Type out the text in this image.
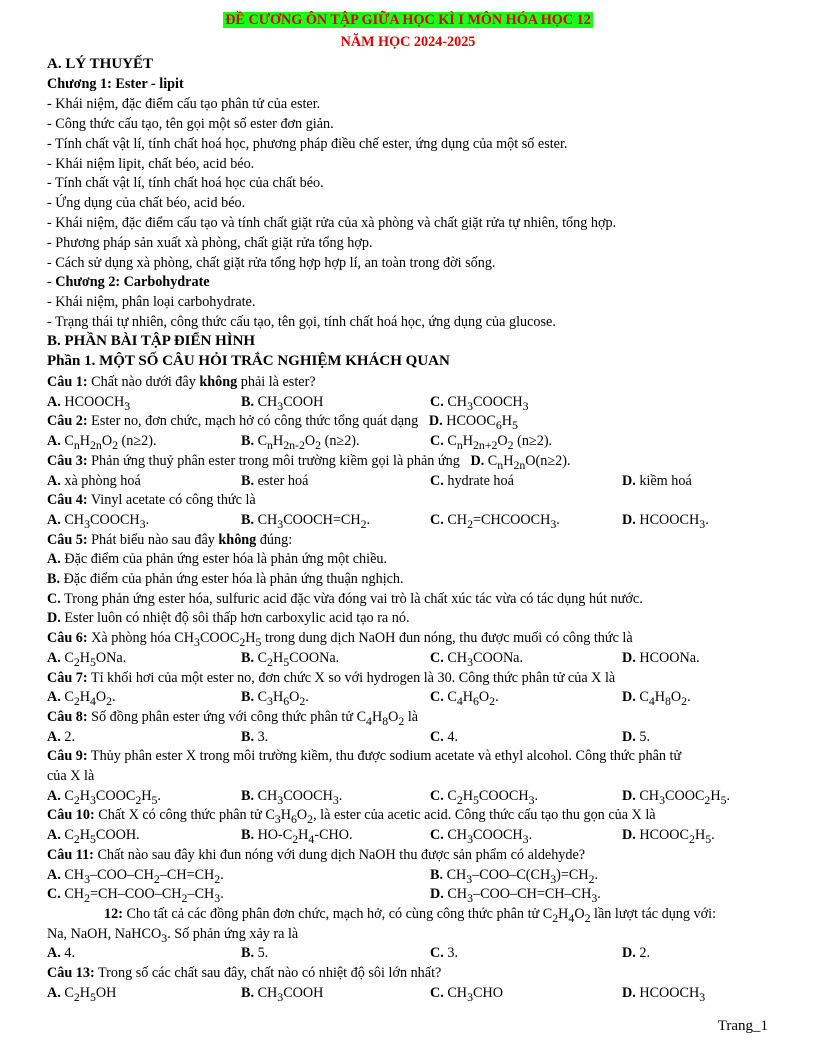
ĐỀ CƯƠNG ÔN TẬP GIỮA HỌC KÌ I MÔN HÓA HỌC 12
NĂM HỌC 2024-2025
A. LÝ THUYẾT
Chương 1: Ester - lipit
- Khái niệm, đặc điểm cấu tạo phân tử của ester.
- Công thức cấu tạo, tên gọi một số ester đơn giản.
- Tính chất vật lí, tính chất hoá học, phương pháp điều chế ester, ứng dụng của một số ester.
- Khái niệm lipit, chất béo, acid béo.
- Tính chất vật lí, tính chất hoá học của chất béo.
- Ứng dụng của chất béo, acid béo.
- Khái niệm, đặc điểm cấu tạo và tính chất giặt rửa của xà phòng và chất giặt rửa tự nhiên, tổng hợp.
- Phương pháp sản xuất xà phòng, chất giặt rửa tổng hợp.
- Cách sử dụng xà phòng, chất giặt rửa tổng hợp hợp lí, an toàn trong đời sống.
- Chương 2: Carbohydrate
- Khái niệm, phân loại carbohydrate.
- Trạng thái tự nhiên, công thức cấu tạo, tên gọi, tính chất hoá học, ứng dụng của glucose.
B. PHẦN BÀI TẬP ĐIỂN HÌNH
Phần 1. MỘT SỐ CÂU HỎI TRẮC NGHIỆM KHÁCH QUAN
Câu 1: Chất nào dưới đây không phải là ester?
A. $HCOOCH_3$	B. $CH_3COOH$	C. $CH_3COOCH_3$
Câu 2: Ester no, đơn chức, mạch hở có công thức tổng quát dạng   D. $HCOOC_6H_5$
A. $C_nH_{2n}O_2$ (n≥2).	B. $C_nH_{2n-2}O_2$ (n≥2).	C. $C_nH_{2n+2}O_2$ (n≥2).
Câu 3: Phản ứng thuỷ phân ester trong môi trường kiềm gọi là phản ứng   D. $C_nH_{2n}O(n\ge 2)$.
A. xà phòng hoá	B. ester hoá	C. hydrate hoá	D. kiềm hoá
Câu 4: Vinyl acetate có công thức là
A. $CH_3COOCH_3$.	B. $CH_3COOCH=CH_2$.	C. $CH_2=CHCOOCH_3$.	D. $HCOOCH_3$.
Câu 5: Phát biểu nào sau đây không đúng:
A. Đặc điểm của phản ứng ester hóa là phản ứng một chiều.
B. Đặc điểm của phản ứng ester hóa là phản ứng thuận nghịch.
C. Trong phản ứng ester hóa, sulfuric acid đặc vừa đóng vai trò là chất xúc tác vừa có tác dụng hút nước.
D. Ester luôn có nhiệt độ sôi thấp hơn carboxylic acid tạo ra nó.
Câu 6: Xà phòng hóa $CH_3COOC_2H_5$ trong dung dịch NaOH đun nóng, thu được muối có công thức là
A. $C_2H_5ONa$.	B. $C_2H_5COONa$.	C. $CH_3COONa$.	D. HCOONa.
Câu 7: Tỉ khối hơi của một ester no, đơn chức X so với hydrogen là 30. Công thức phân tử của X là
A. $C_2H_4O_2$.	B. $C_3H_6O_2$.	C. $C_4H_6O_2$.	D. $C_4H_8O_2$.
Câu 8: Số đồng phân ester ứng với công thức phân tử $C_4H_8O_2$ là
A. 2.	B. 3.	C. 4.	D. 5.
Câu 9: Thủy phân ester X trong môi trường kiềm, thu được sodium acetate và ethyl alcohol. Công thức phân tử
của X là
A. $C_2H_3COOC_2H_5$.	B. $CH_3COOCH_3$.	C. $C_2H_5COOCH_3$.	D. $CH_3COOC_2H_5$.
Câu 10: Chất X có công thức phân tử $C_3H_6O_2$, là ester của acetic acid. Công thức cấu tạo thu gọn của X là
A. $C_2H_5COOH$.	B. $HO-C_2H_4$-CHO.	C. $CH_3COOCH_3$.	D. $HCOOC_2H_5$.
Câu 11: Chất nào sau đây khi đun nóng với dung dịch NaOH thu được sản phẩm có aldehyde?
A. $CH_3-COO-CH_2-CH=CH_2$.	B. $CH_3-COO-C(CH_3)=CH_2$.
C. $CH_2=CH-COO-CH_2-CH_3$.	D. $CH_3-COO-CH=CH-CH_3$.
12: Cho tất cả các đồng phân đơn chức, mạch hở, có cùng công thức phân tử $C_2H_4O_2$ lần lượt tác dụng với:
Na, NaOH, NaHCO$_3$. Số phản ứng xảy ra là
A. 4.	B. 5.	C. 3.	D. 2.
Câu 13: Trong số các chất sau đây, chất nào có nhiệt độ sôi lớn nhất?
A. $C_2H_5OH$	B. $CH_3COOH$	C. $CH_3CHO$	D. $HCOOCH_3$
Trang_1
